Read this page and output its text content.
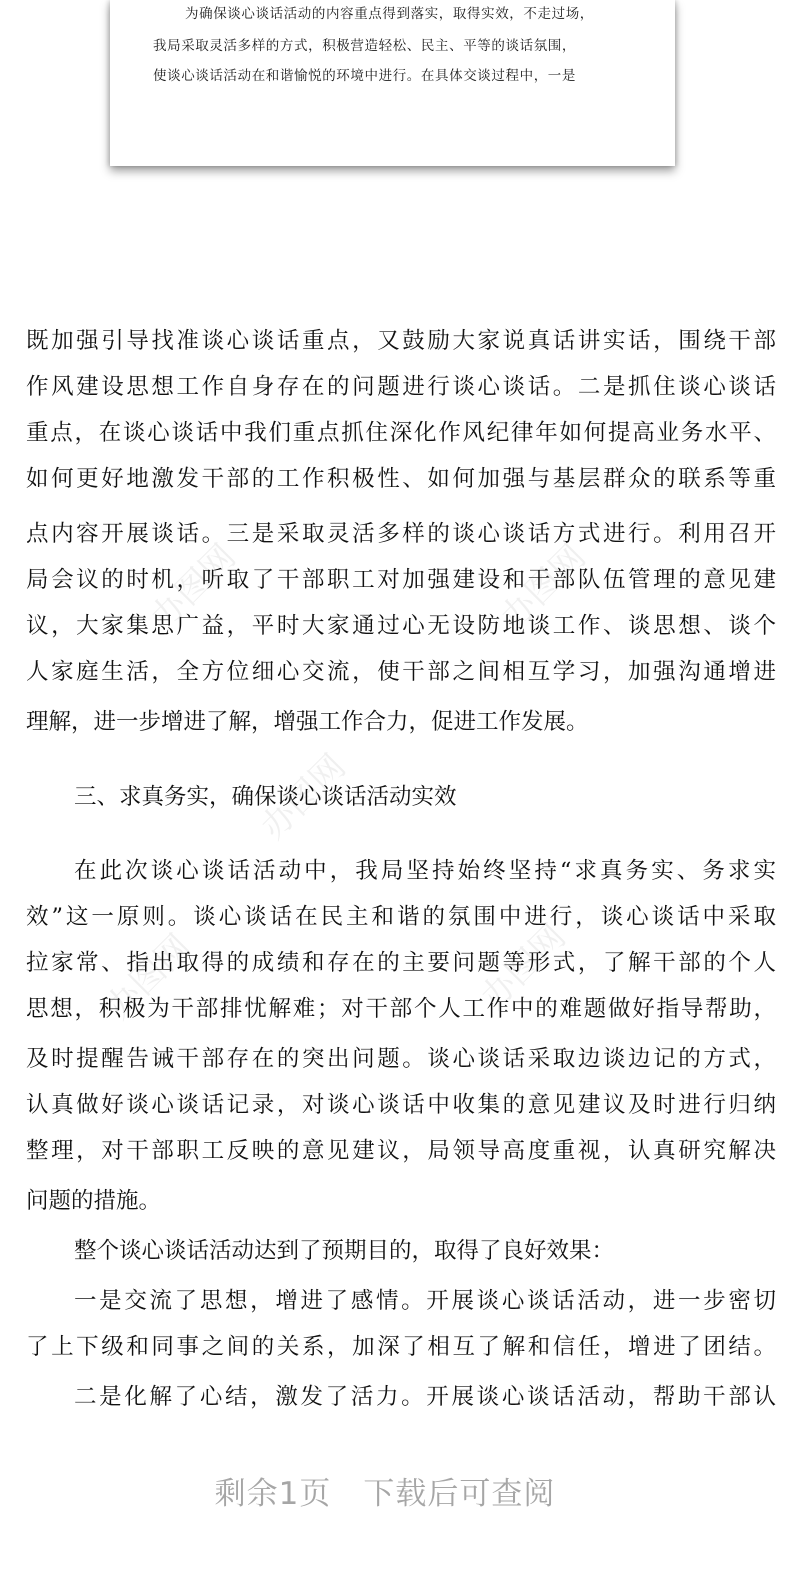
为确保谈心谈话活动的内容重点得到落实，取得实效，不走过场，
我局采取灵活多样的方式，积极营造轻松、民主、平等的谈话氛围，
使谈心谈话活动在和谐愉悦的环境中进行。在具体交谈过程中，一是
办图网	办图网
办图网
办图网	办图网
既加强引导找准谈心谈话重点，又鼓励大家说真话讲实话，围绕干部
作风建设思想工作自身存在的问题进行谈心谈话。二是抓住谈心谈话
重点，在谈心谈话中我们重点抓住深化作风纪律年如何提高业务水平、
如何更好地激发干部的工作积极性、如何加强与基层群众的联系等重
点内容开展谈话。三是采取灵活多样的谈心谈话方式进行。利用召开
局会议的时机，听取了干部职工对加强建设和干部队伍管理的意见建
议，大家集思广益，平时大家通过心无设防地谈工作、谈思想、谈个
人家庭生活，全方位细心交流，使干部之间相互学习，加强沟通增进
理解，进一步增进了解，增强工作合力，促进工作发展。
三、求真务实，确保谈心谈话活动实效
在此次谈心谈话活动中，我局坚持始终坚持“求真务实、务求实
效”这一原则。谈心谈话在民主和谐的氛围中进行，谈心谈话中采取
拉家常、指出取得的成绩和存在的主要问题等形式，了解干部的个人
思想，积极为干部排忧解难；对干部个人工作中的难题做好指导帮助，
及时提醒告诫干部存在的突出问题。谈心谈话采取边谈边记的方式，
认真做好谈心谈话记录，对谈心谈话中收集的意见建议及时进行归纳
整理，对干部职工反映的意见建议，局领导高度重视，认真研究解决
问题的措施。
整个谈心谈话活动达到了预期目的，取得了良好效果：
一是交流了思想，增进了感情。开展谈心谈话活动，进一步密切
了上下级和同事之间的关系，加深了相互了解和信任，增进了团结。
二是化解了心结，激发了活力。开展谈心谈话活动，帮助干部认
剩余1页 下载后可查阅
